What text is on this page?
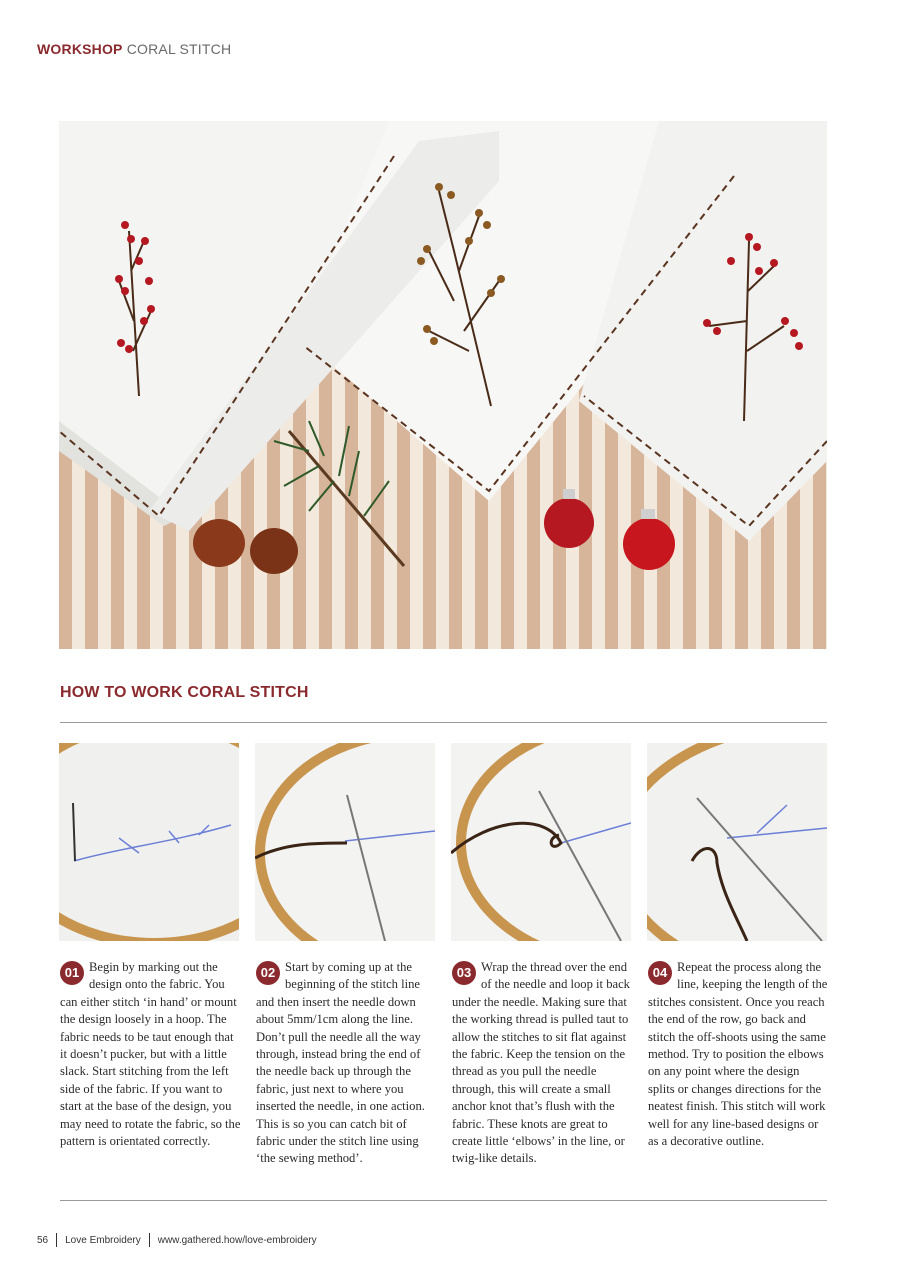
WORKSHOP CORAL STITCH
HOW TO WORK CORAL STITCH
01 Begin by marking out the design onto the fabric. You can either stitch ‘in hand’ or mount the design loosely in a hoop. The fabric needs to be taut enough that it doesn’t pucker, but with a little slack. Start stitching from the left side of the fabric. If you want to start at the base of the design, you may need to rotate the fabric, so the pattern is orientated correctly.
02 Start by coming up at the beginning of the stitch line and then insert the needle down about 5mm/1cm along the line. Don’t pull the needle all the way through, instead bring the end of the needle back up through the fabric, just next to where you inserted the needle, in one action. This is so you can catch bit of fabric under the stitch line using ‘the sewing method’.
03 Wrap the thread over the end of the needle and loop it back under the needle. Making sure that the working thread is pulled taut to allow the stitches to sit flat against the fabric. Keep the tension on the thread as you pull the needle through, this will create a small anchor knot that’s flush with the fabric. These knots are great to create little ‘elbows’ in the line, or twig-like details.
04 Repeat the process along the line, keeping the length of the stitches consistent. Once you reach the end of the row, go back and stitch the off-shoots using the same method. Try to position the elbows on any point where the design splits or changes directions for the neatest finish. This stitch will work well for any line-based designs or as a decorative outline.
56 Love Embroidery www.gathered.how/love-embroidery
